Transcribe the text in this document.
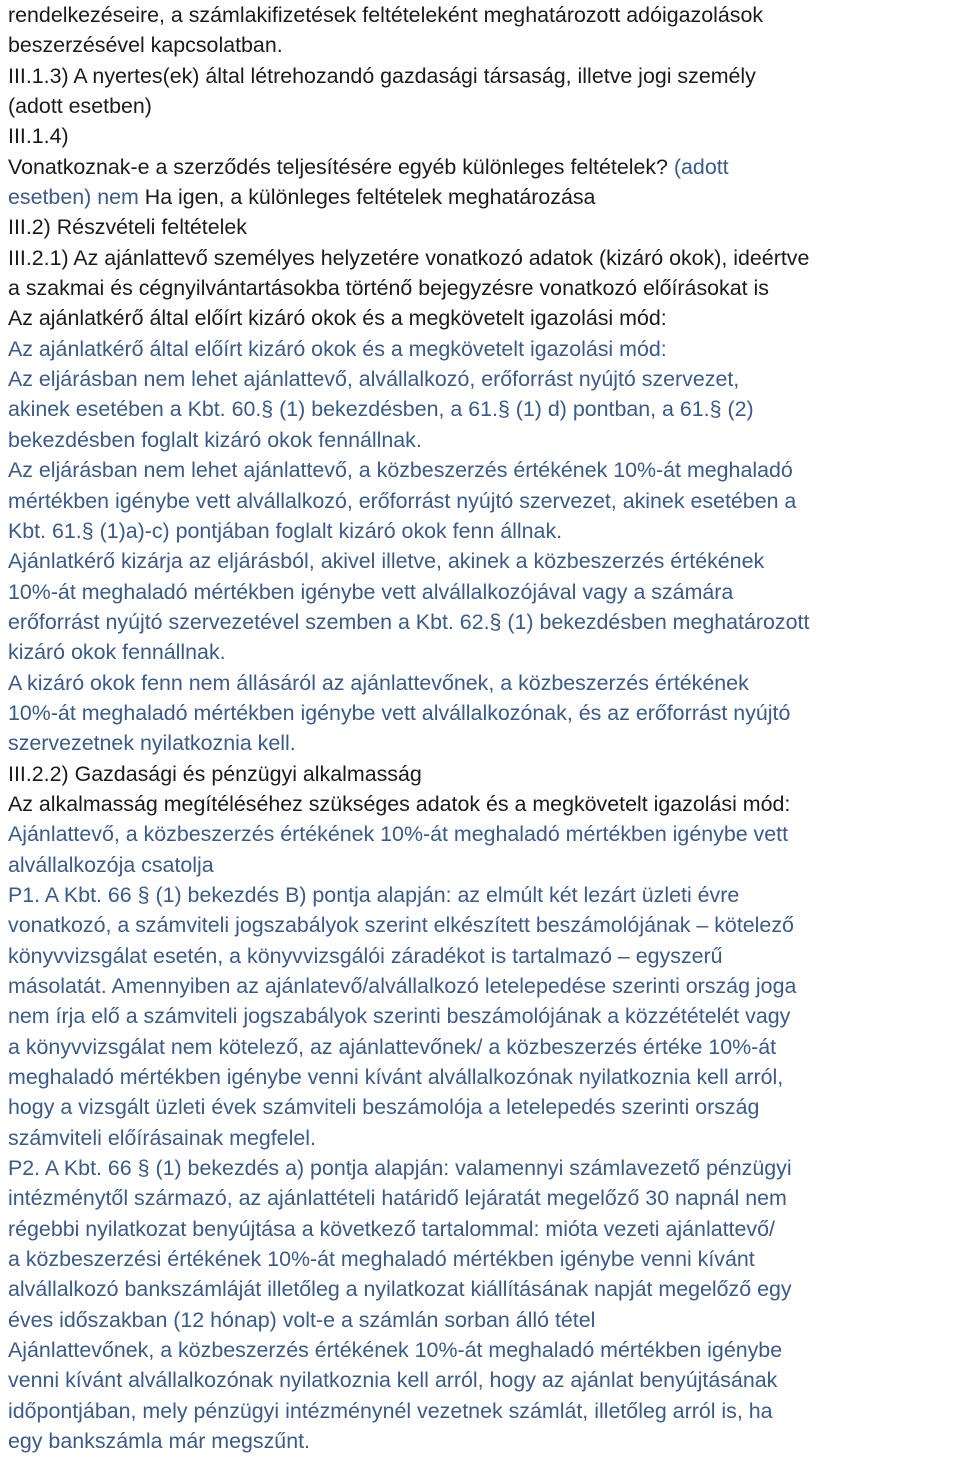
rendelkezéseire, a számlakifizetések feltételeként meghatározott adóigazolások
beszerzésével kapcsolatban.
III.1.3) A nyertes(ek) által létrehozandó gazdasági társaság, illetve jogi személy
(adott esetben)
III.1.4)
Vonatkoznak-e a szerződés teljesítésére egyéb különleges feltételek? (adott
esetben) nem Ha igen, a különleges feltételek meghatározása
III.2) Részvételi feltételek
III.2.1) Az ajánlattevő személyes helyzetére vonatkozó adatok (kizáró okok), ideértve
a szakmai és cégnyilvántartásokba történő bejegyzésre vonatkozó előírásokat is
Az ajánlatkérő által előírt kizáró okok és a megkövetelt igazolási mód:
Az ajánlatkérő által előírt kizáró okok és a megkövetelt igazolási mód:
Az eljárásban nem lehet ajánlattevő, alvállalkozó, erőforrást nyújtó szervezet,
akinek esetében a Kbt. 60.§ (1) bekezdésben, a 61.§ (1) d) pontban, a 61.§ (2)
bekezdésben foglalt kizáró okok fennállnak.
Az eljárásban nem lehet ajánlattevő, a közbeszerzés értékének 10%-át meghaladó
mértékben igénybe vett alvállalkozó, erőforrást nyújtó szervezet, akinek esetében a
Kbt. 61.§ (1)a)-c) pontjában foglalt kizáró okok fenn állnak.
Ajánlatkérő kizárja az eljárásból, akivel illetve, akinek a közbeszerzés értékének
10%-át meghaladó mértékben igénybe vett alvállalkozójával vagy a számára
erőforrást nyújtó szervezetével szemben a Kbt. 62.§ (1) bekezdésben meghatározott
kizáró okok fennállnak.
A kizáró okok fenn nem állásáról az ajánlattevőnek, a közbeszerzés értékének
10%-át meghaladó mértékben igénybe vett alvállalkozónak, és az erőforrást nyújtó
szervezetnek nyilatkoznia kell.
III.2.2) Gazdasági és pénzügyi alkalmasság
Az alkalmasság megítéléséhez szükséges adatok és a megkövetelt igazolási mód:
Ajánlattevő, a közbeszerzés értékének 10%-át meghaladó mértékben igénybe vett
alvállalkozója csatolja
P1. A Kbt. 66 § (1) bekezdés B) pontja alapján: az elmúlt két lezárt üzleti évre
vonatkozó, a számviteli jogszabályok szerint elkészített beszámolójának – kötelező
könyvvizsgálat esetén, a könyvvizsgálói záradékot is tartalmazó – egyszerű
másolatát. Amennyiben az ajánlatevő/alvállalkozó letelepedése szerinti ország joga
nem írja elő a számviteli jogszabályok szerinti beszámolójának a közzétételét vagy
a könyvvizsgálat nem kötelező, az ajánlattevőnek/ a közbeszerzés értéke 10%-át
meghaladó mértékben igénybe venni kívánt alvállalkozónak nyilatkoznia kell arról,
hogy a vizsgált üzleti évek számviteli beszámolója a letelepedés szerinti ország
számviteli előírásainak megfelel.
P2. A Kbt. 66 § (1) bekezdés a) pontja alapján: valamennyi számlavezető pénzügyi
intézménytől származó, az ajánlattételi határidő lejáratát megelőző 30 napnál nem
régebbi nyilatkozat benyújtása a következő tartalommal: mióta vezeti ajánlattevő/
a közbeszerzési értékének 10%-át meghaladó mértékben igénybe venni kívánt
alvállalkozó bankszámláját illetőleg a nyilatkozat kiállításának napját megelőző egy
éves időszakban (12 hónap) volt-e a számlán sorban álló tétel
Ajánlattevőnek, a közbeszerzés értékének 10%-át meghaladó mértékben igénybe
venni kívánt alvállalkozónak nyilatkoznia kell arról, hogy az ajánlat benyújtásának
időpontjában, mely pénzügyi intézménynél vezetnek számlát, illetőleg arról is, ha
egy bankszámla már megszűnt.
